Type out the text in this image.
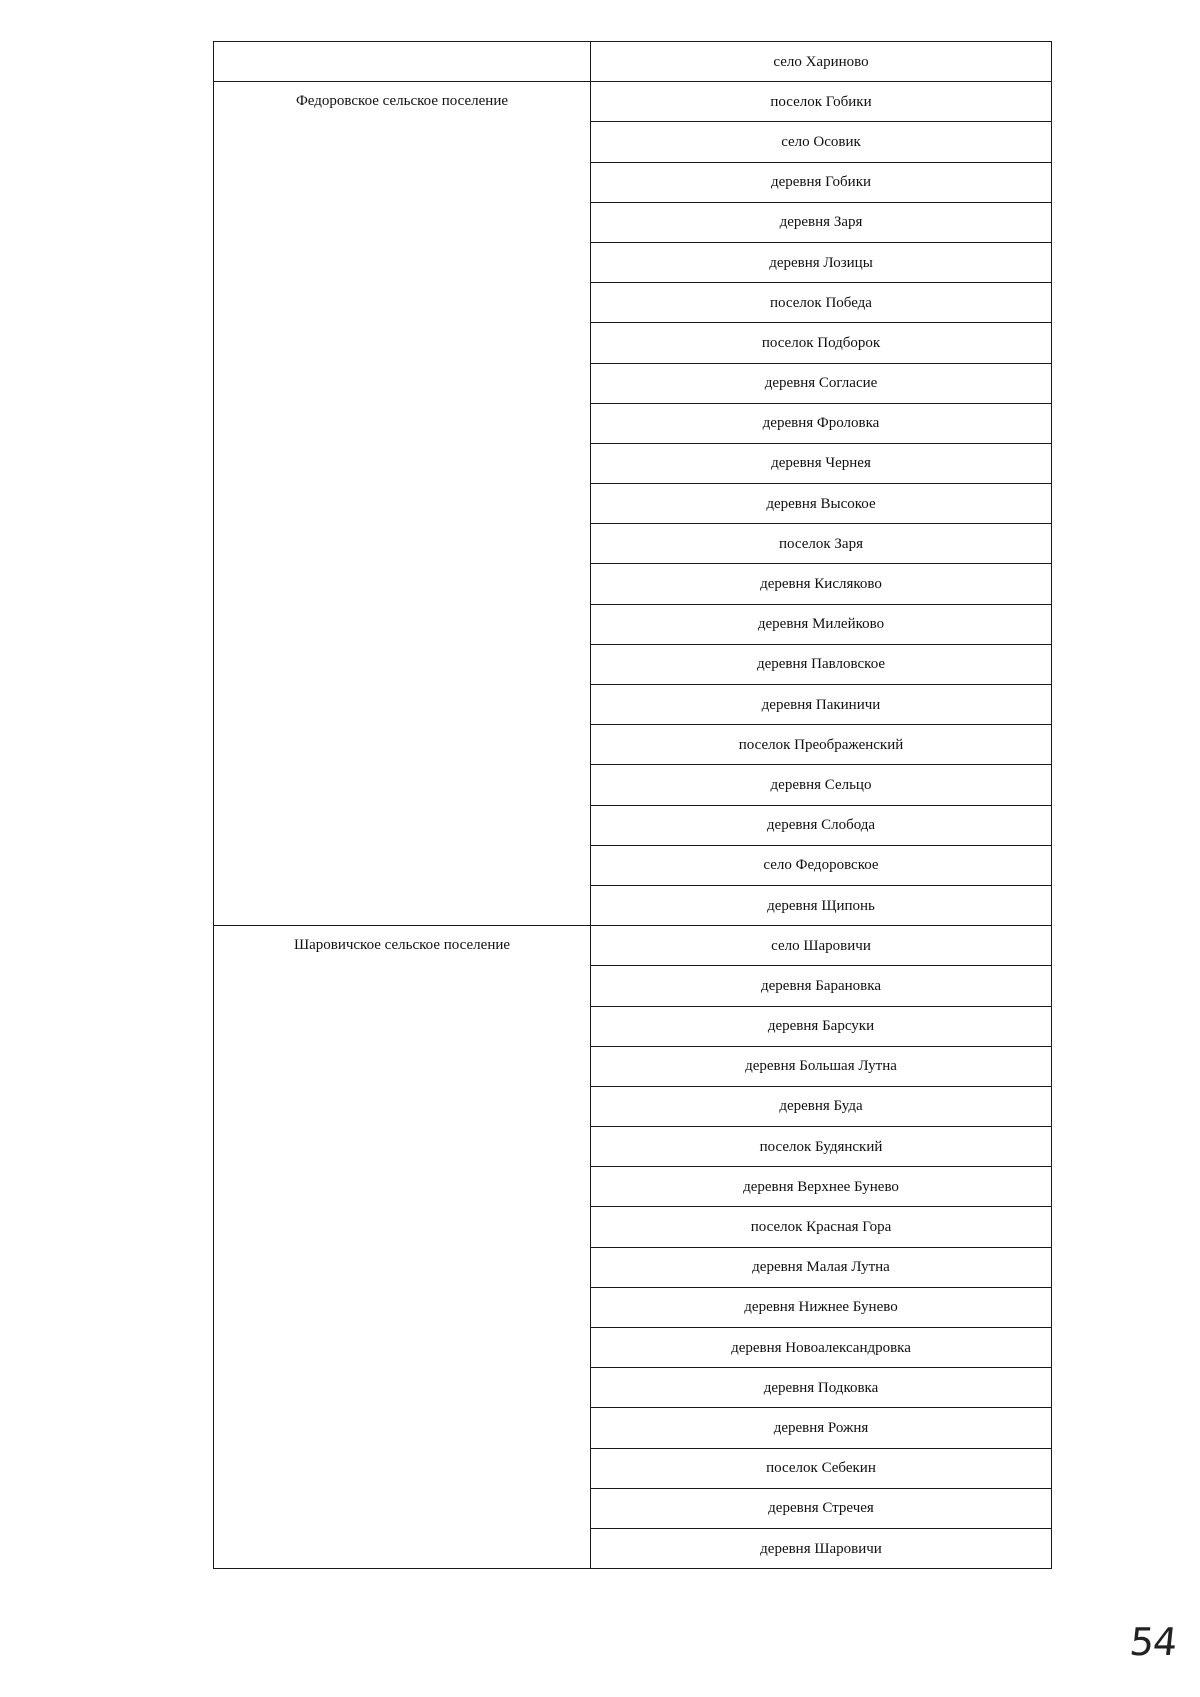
	село Хариново
Федоровское сельское поселение	поселок Гобики
	село Осовик
	деревня Гобики
	деревня Заря
	деревня Лозицы
	поселок Победа
	поселок Подборок
	деревня Согласие
	деревня Фроловка
	деревня Чернея
	деревня Высокое
	поселок Заря
	деревня Кисляково
	деревня Милейково
	деревня Павловское
	деревня Пакиничи
	поселок Преображенский
	деревня Сельцо
	деревня Слобода
	село Федоровское
	деревня Щипонь
Шаровичское сельское поселение	село Шаровичи
	деревня Барановка
	деревня Барсуки
	деревня Большая Лутна
	деревня Буда
	поселок Будянский
	деревня Верхнее Бунево
	поселок Красная Гора
	деревня Малая Лутна
	деревня Нижнее Бунево
	деревня Новоалександровка
	деревня Подковка
	деревня Рожня
	поселок Себекин
	деревня Стречея
	деревня Шаровичи
54
